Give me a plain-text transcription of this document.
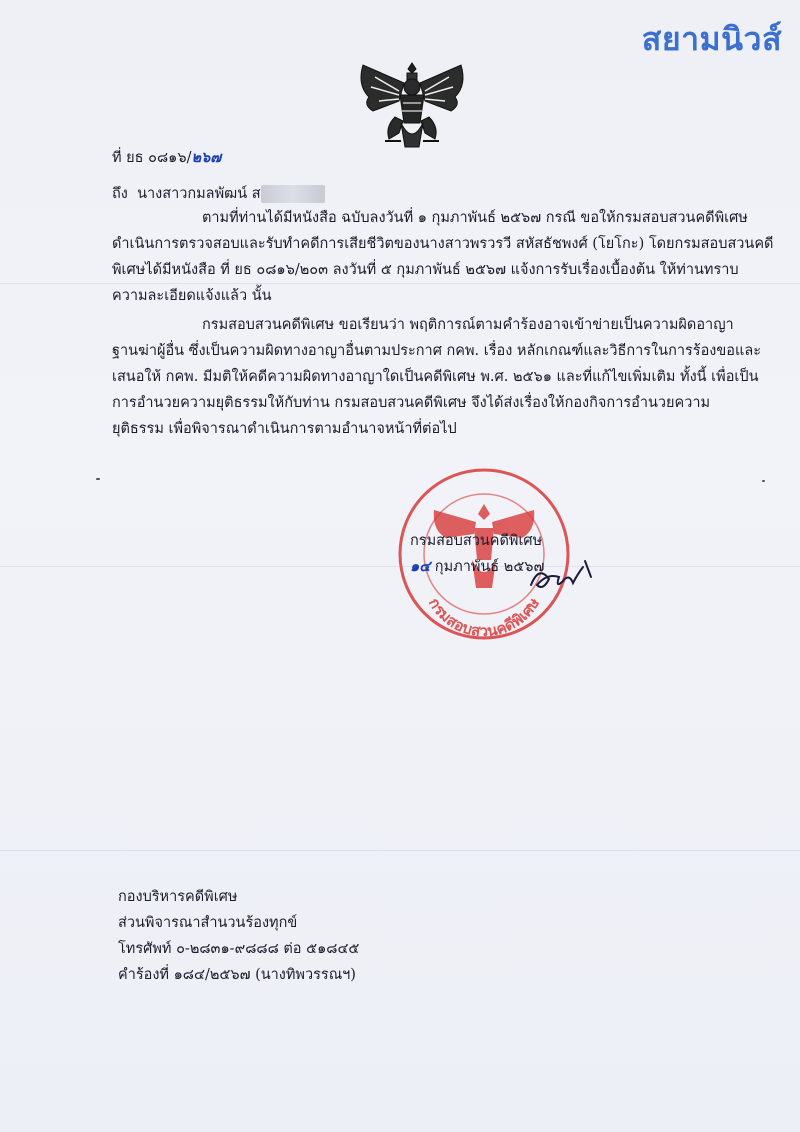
สยามนิวส์
ที่ ยธ ๐๘๑๖/๒๖๗
ถึง นางสาวกมลพัฒน์ ส
ตามที่ท่านได้มีหนังสือ ฉบับลงวันที่ ๑ กุมภาพันธ์ ๒๕๖๗ กรณี ขอให้กรมสอบสวนคดีพิเศษ
ดำเนินการตรวจสอบและรับทำคดีการเสียชีวิตของนางสาวพรวรวี สหัสธัชพงศ์ (โยโกะ) โดยกรมสอบสวนคดี
พิเศษได้มีหนังสือ ที่ ยธ ๐๘๑๖/๒๐๓ ลงวันที่ ๕ กุมภาพันธ์ ๒๕๖๗ แจ้งการรับเรื่องเบื้องต้น ให้ท่านทราบ
ความละเอียดแจ้งแล้ว นั้น
กรมสอบสวนคดีพิเศษ ขอเรียนว่า พฤติการณ์ตามคำร้องอาจเข้าข่ายเป็นความผิดอาญา
ฐานฆ่าผู้อื่น ซึ่งเป็นความผิดทางอาญาอื่นตามประกาศ กคพ. เรื่อง หลักเกณฑ์และวิธีการในการร้องขอและ
เสนอให้ กคพ. มีมติให้คดีความผิดทางอาญาใดเป็นคดีพิเศษ พ.ศ. ๒๕๖๑ และที่แก้ไขเพิ่มเติม ทั้งนี้ เพื่อเป็น
การอำนวยความยุติธรรมให้กับท่าน กรมสอบสวนคดีพิเศษ จึงได้ส่งเรื่องให้กองกิจการอำนวยความ
ยุติธรรม เพื่อพิจารณาดำเนินการตามอำนาจหน้าที่ต่อไป
กรมสอบสวนคดีพิเศษ
กรมสอบสวนคดีพิเศษ
๑๔ กุมภาพันธ์ ๒๕๖๗
กองบริหารคดีพิเศษ
ส่วนพิจารณาสำนวนร้องทุกข์
โทรศัพท์ ๐-๒๘๓๑-๙๘๘๘ ต่อ ๕๑๘๔๕
คำร้องที่ ๑๘๔/๒๕๖๗ (นางทิพวรรณฯ)
